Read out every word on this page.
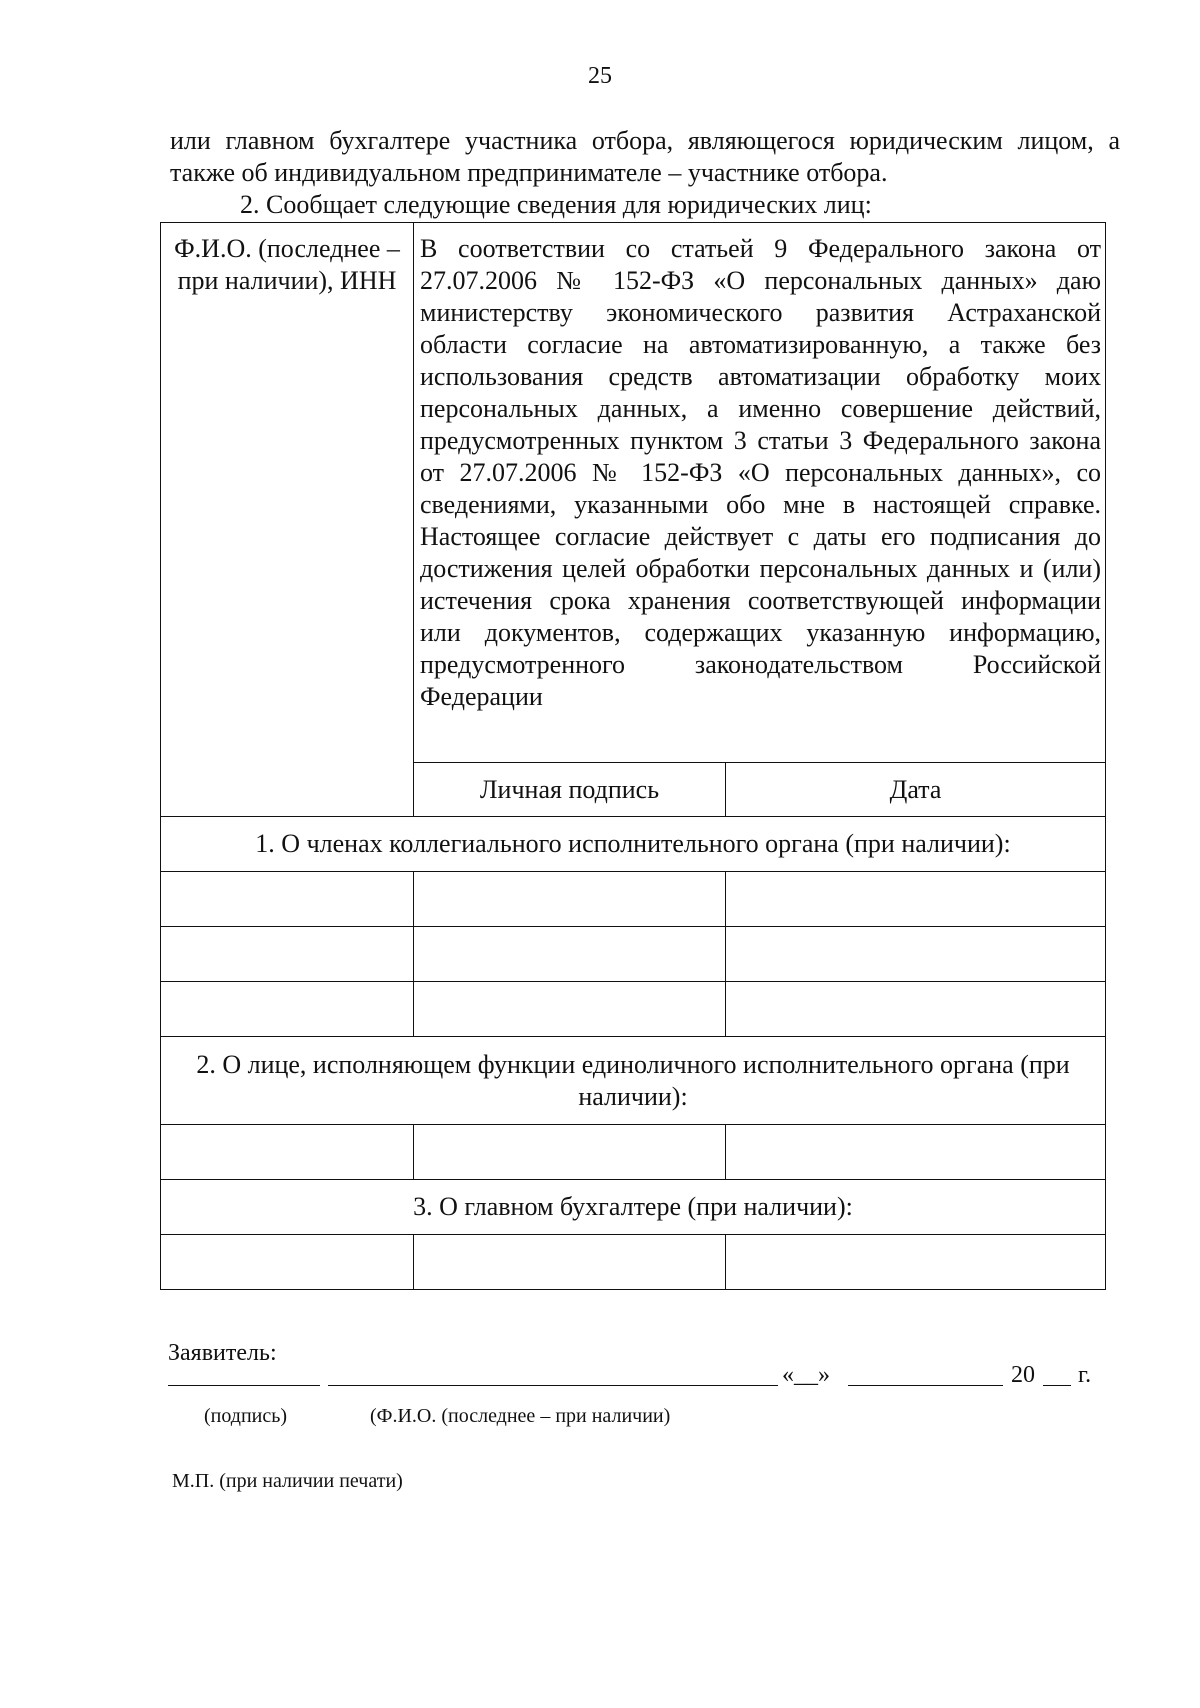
25

или главном бухгалтере участника отбора, являющегося юридическим лицом, а также об индивидуальном предпринимателе – участнике отбора.

2. Сообщает следующие сведения для юридических лиц:

Ф.И.О. (последнее – при наличии), ИНН	В соответствии со статьей 9 Федерального закона от 27.07.2006 № 152-ФЗ «О персональных данных» даю министерству экономического развития Астраханской области согласие на автоматизированную, а также без использования средств автоматизации обработку моих персональных данных, а именно совершение действий, предусмотренных пунктом 3 статьи 3 Федерального закона от 27.07.2006 № 152-ФЗ «О персональных данных», со сведениями, указанными обо мне в настоящей справке. Настоящее согласие действует с даты его подписания до достижения целей обработки персональных данных и (или) истечения срока хранения соответствующей информации или документов, содержащих указанную информацию, предусмотренного законодательством Российской Федерации	
	Личная подпись	Дата
1. О членах коллегиального исполнительного органа (при наличии):		

2. О лице, исполняющем функции единоличного исполнительного органа (при наличии):		

3. О главном бухгалтере (при наличии):		

Заявитель:
«__»	20 г.
(подпись)	(Ф.И.О. (последнее – при наличии)
М.П. (при наличии печати)
